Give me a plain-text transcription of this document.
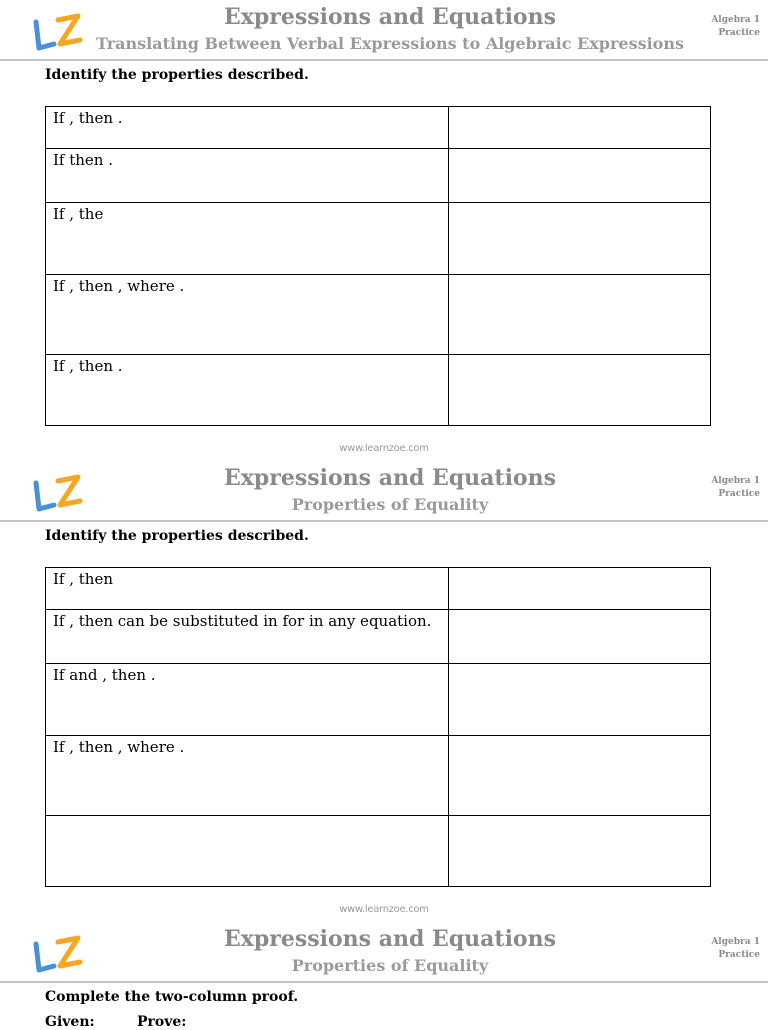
Expressions and Equations
Translating Between Verbal Expressions to Algebraic Expressions
Algebra 1
Practice
Identify the properties described.
If , then .	
If then .	
If , the	
If , then , where .	
If , then .	
www.learnzoe.com
Expressions and Equations
Properties of Equality
Algebra 1
Practice
Identify the properties described.
If , then	
If , then can be substituted in for in any equation.	
If and , then .	
If , then , where .	

www.learnzoe.com
Expressions and Equations
Properties of Equality
Algebra 1
Practice
Complete the two-column proof.
Given:	Prove:
